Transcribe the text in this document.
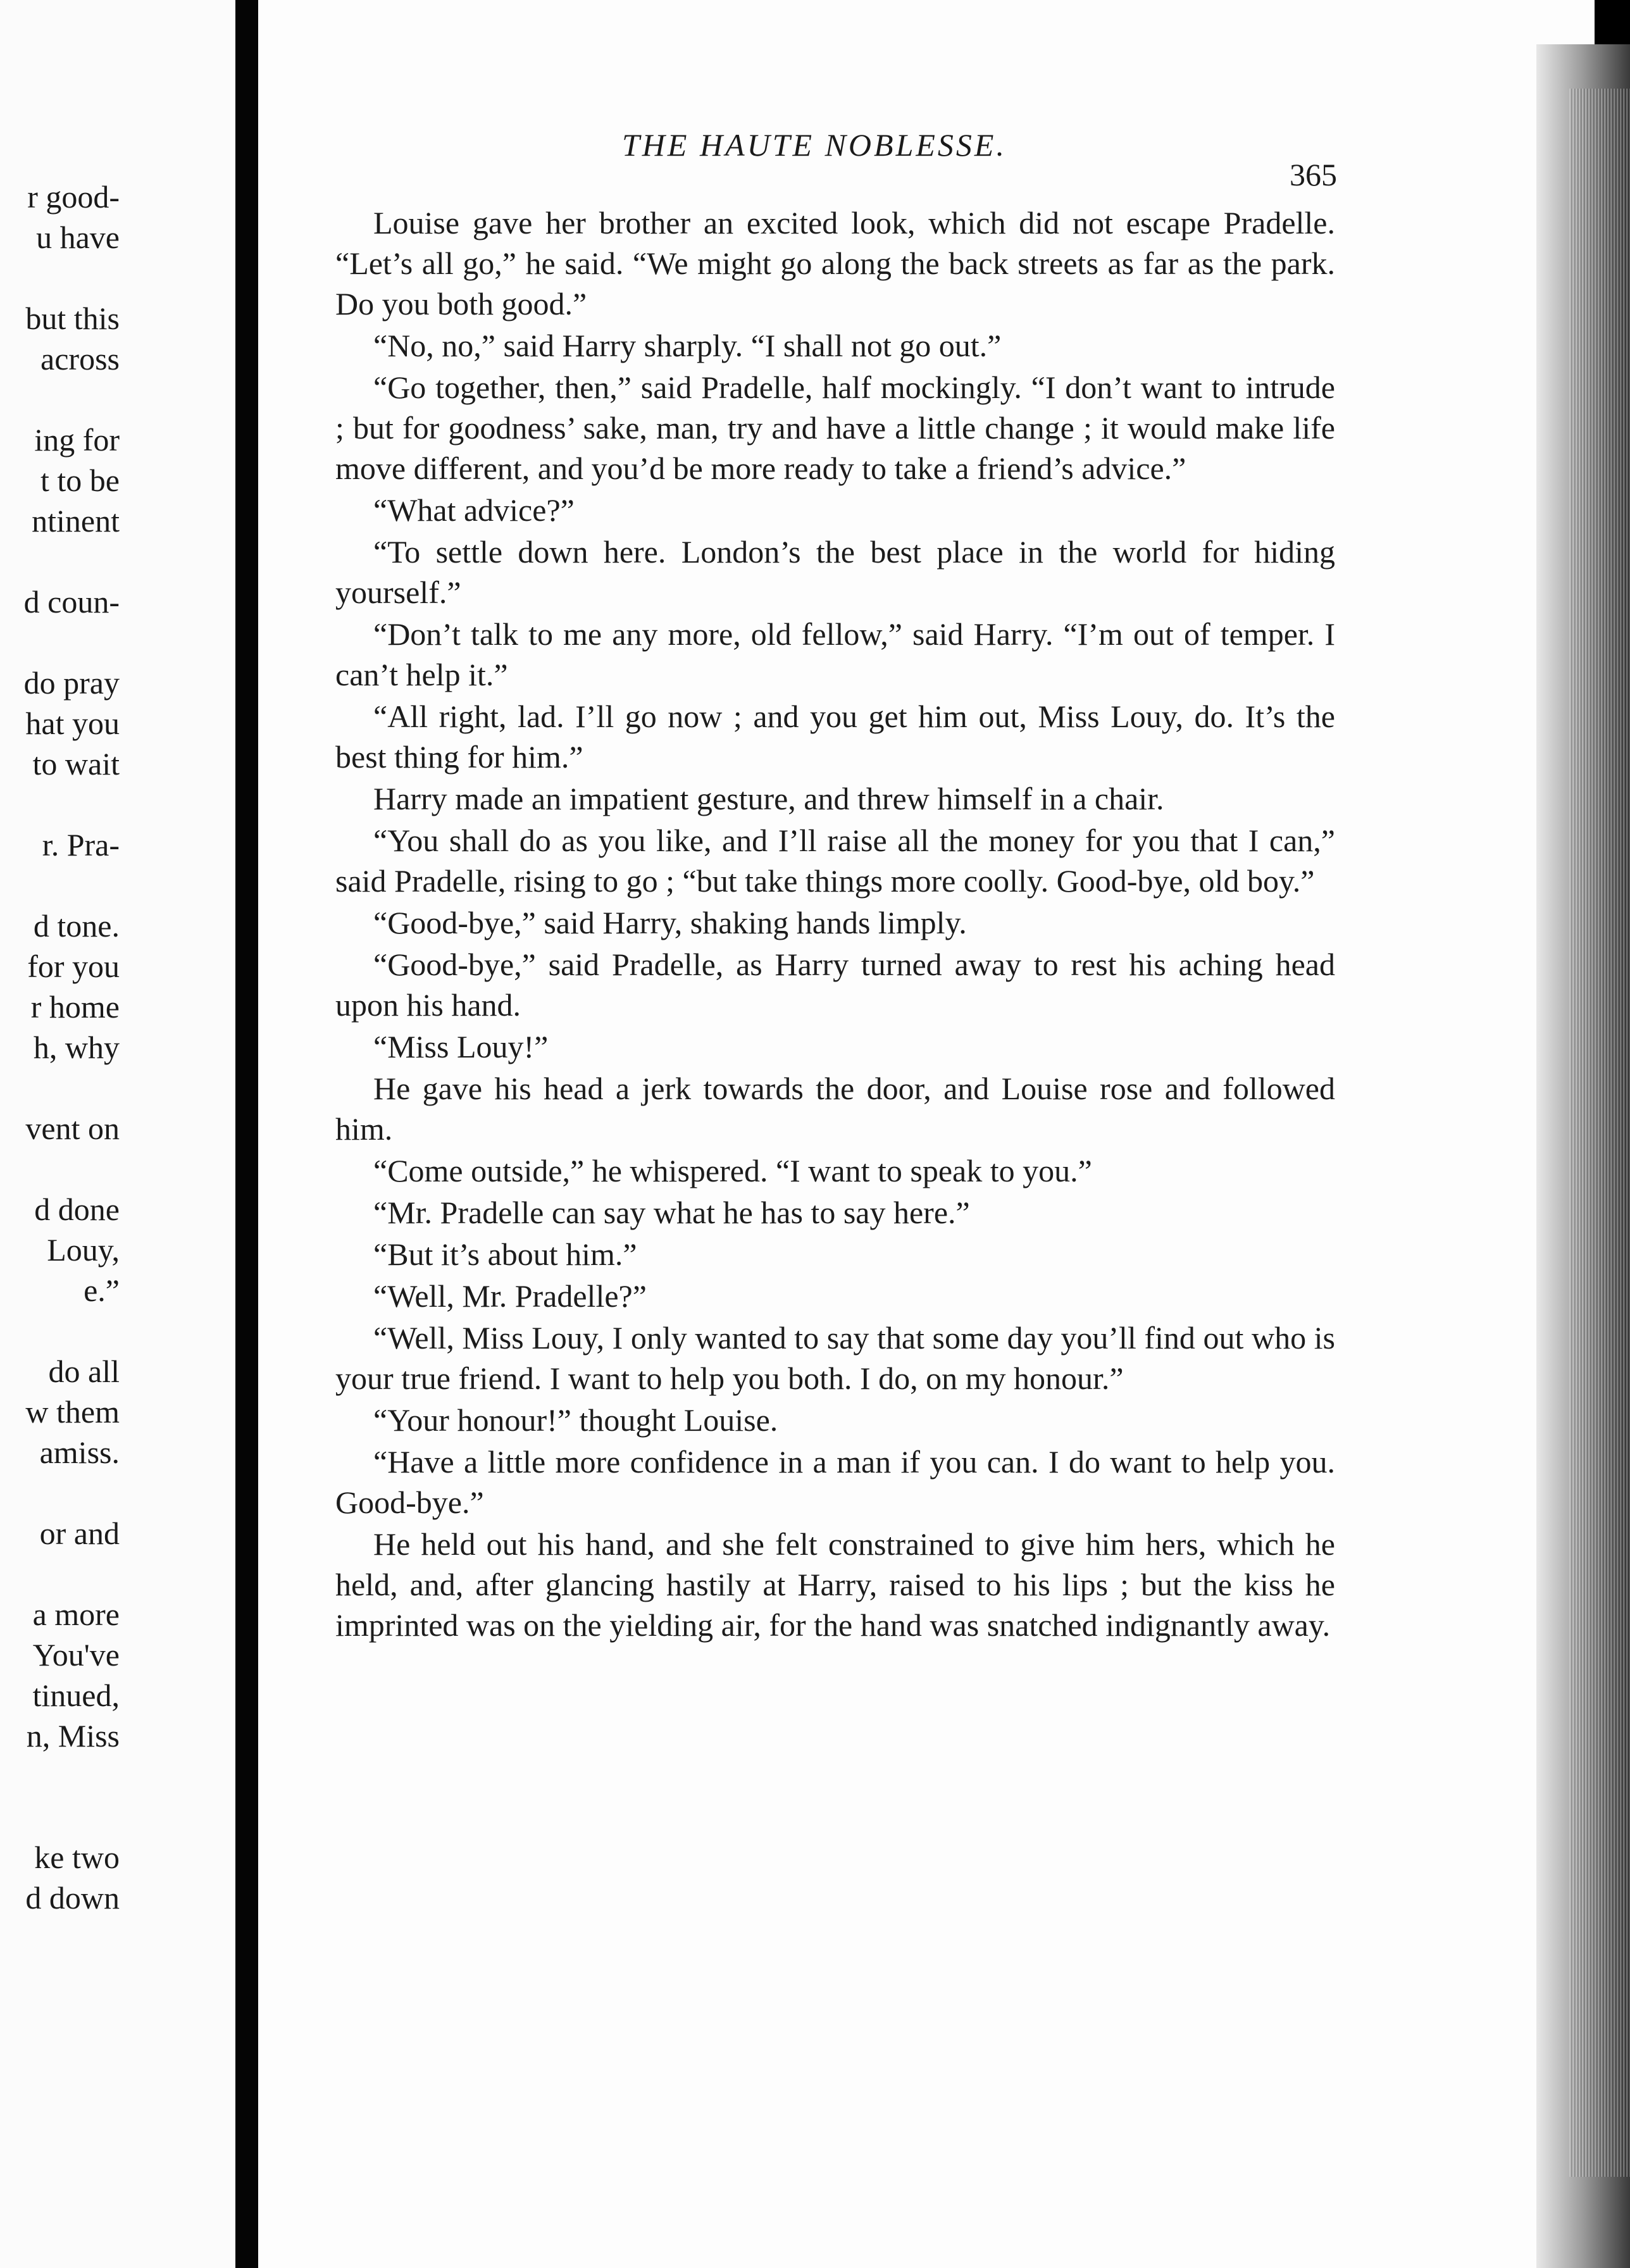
r good-
u have
but this
across
ing for
t to be
ntinent
d coun-
do pray
hat you
to wait
r. Pra-
d tone.
for you
r home
h, why
vent on
d done
Louy,
e.”
do all
w them
amiss.
or and
a more
You've
tinued,
n, Miss
ke two
d down
THE HAUTE NOBLESSE.
365

Louise gave her brother an excited look, which did not escape Pradelle. “Let’s all go,” he said. “We might go along the back streets as far as the park. Do you both good.”

“No, no,” said Harry sharply. “I shall not go out.”

“Go together, then,” said Pradelle, half mockingly. “I don’t want to intrude ; but for goodness’ sake, man, try and have a little change ; it would make life move different, and you’d be more ready to take a friend’s advice.”

“What advice?”

“To settle down here. London’s the best place in the world for hiding yourself.”

“Don’t talk to me any more, old fellow,” said Harry. “I’m out of temper. I can’t help it.”

“All right, lad. I’ll go now ; and you get him out, Miss Louy, do. It’s the best thing for him.”

Harry made an impatient gesture, and threw himself in a chair.

“You shall do as you like, and I’ll raise all the money for you that I can,” said Pradelle, rising to go ; “but take things more coolly. Good-bye, old boy.”

“Good-bye,” said Harry, shaking hands limply.

“Good-bye,” said Pradelle, as Harry turned away to rest his aching head upon his hand.

“Miss Louy!”

He gave his head a jerk towards the door, and Louise rose and followed him.

“Come outside,” he whispered. “I want to speak to you.”

“Mr. Pradelle can say what he has to say here.”

“But it’s about him.”

“Well, Mr. Pradelle?”

“Well, Miss Louy, I only wanted to say that some day you’ll find out who is your true friend. I want to help you both. I do, on my honour.”

“Your honour!” thought Louise.

“Have a little more confidence in a man if you can. I do want to help you. Good-bye.”

He held out his hand, and she felt constrained to give him hers, which he held, and, after glancing hastily at Harry, raised to his lips ; but the kiss he imprinted was on the yielding air, for the hand was snatched indignantly away.
